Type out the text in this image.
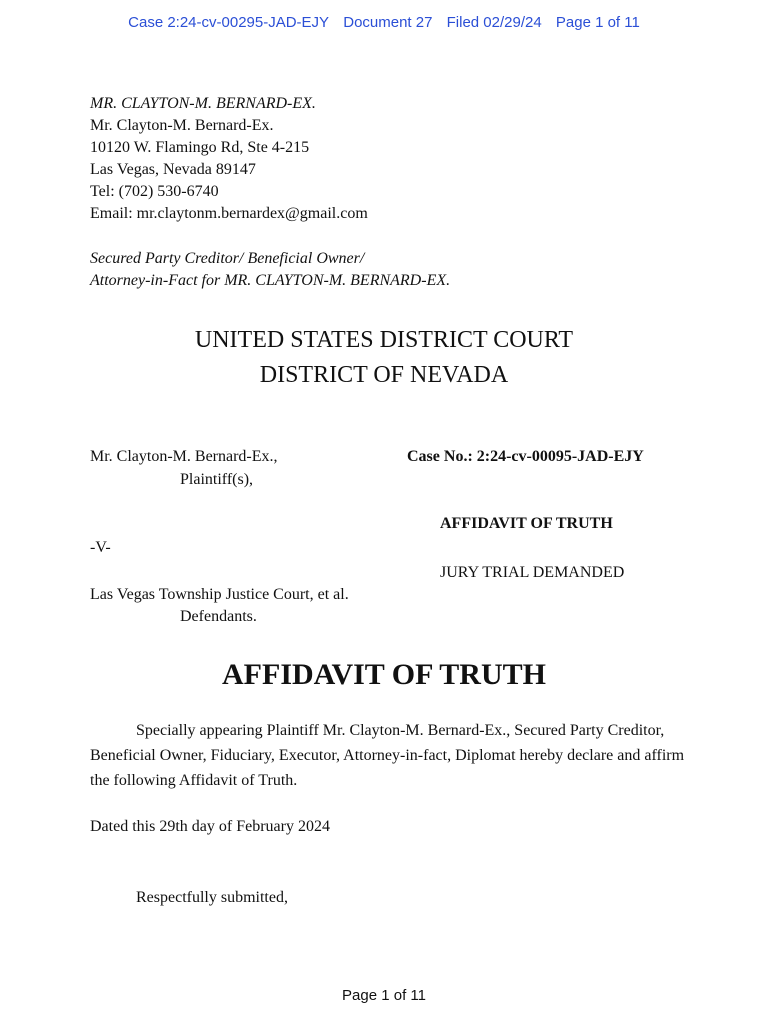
Case 2:24-cv-00295-JAD-EJY Document 27 Filed 02/29/24 Page 1 of 11
MR. CLAYTON-M. BERNARD-EX.
Mr. Clayton-M. Bernard-Ex.
10120 W. Flamingo Rd, Ste 4-215
Las Vegas, Nevada 89147
Tel: (702) 530-6740
Email: mr.claytonm.bernardex@gmail.com
Secured Party Creditor/ Beneficial Owner/
Attorney-in-Fact for MR. CLAYTON-M. BERNARD-EX.
UNITED STATES DISTRICT COURT
DISTRICT OF NEVADA
Mr. Clayton-M. Bernard-Ex.,
Plaintiff(s),
-V-
Las Vegas Township Justice Court, et al.
Defendants.
Case No.: 2:24-cv-00095-JAD-EJY
AFFIDAVIT OF TRUTH
JURY TRIAL DEMANDED
AFFIDAVIT OF TRUTH
Specially appearing Plaintiff Mr. Clayton-M. Bernard-Ex., Secured Party Creditor, Beneficial Owner, Fiduciary, Executor, Attorney-in-fact, Diplomat hereby declare and affirm the following Affidavit of Truth.
Dated this 29th day of February 2024
Respectfully submitted,
Page 1 of 11
